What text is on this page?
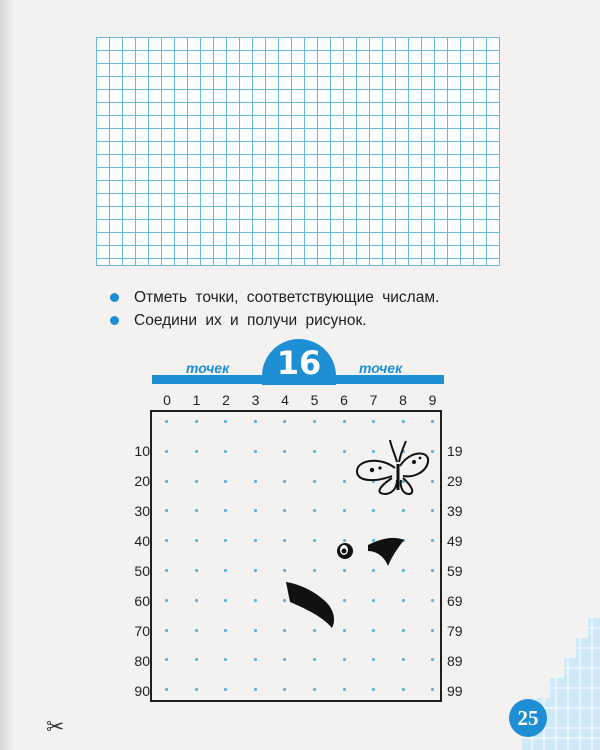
Отметь точки, соответствующие числам.
Соедини их и получи рисунок.
16
точек	точек
0	1	2	3	4	5	6	7	8	9
10	19
20	29
30	39
40	49
50	59
60	69
70	79
80	89
90	99
25
✂
